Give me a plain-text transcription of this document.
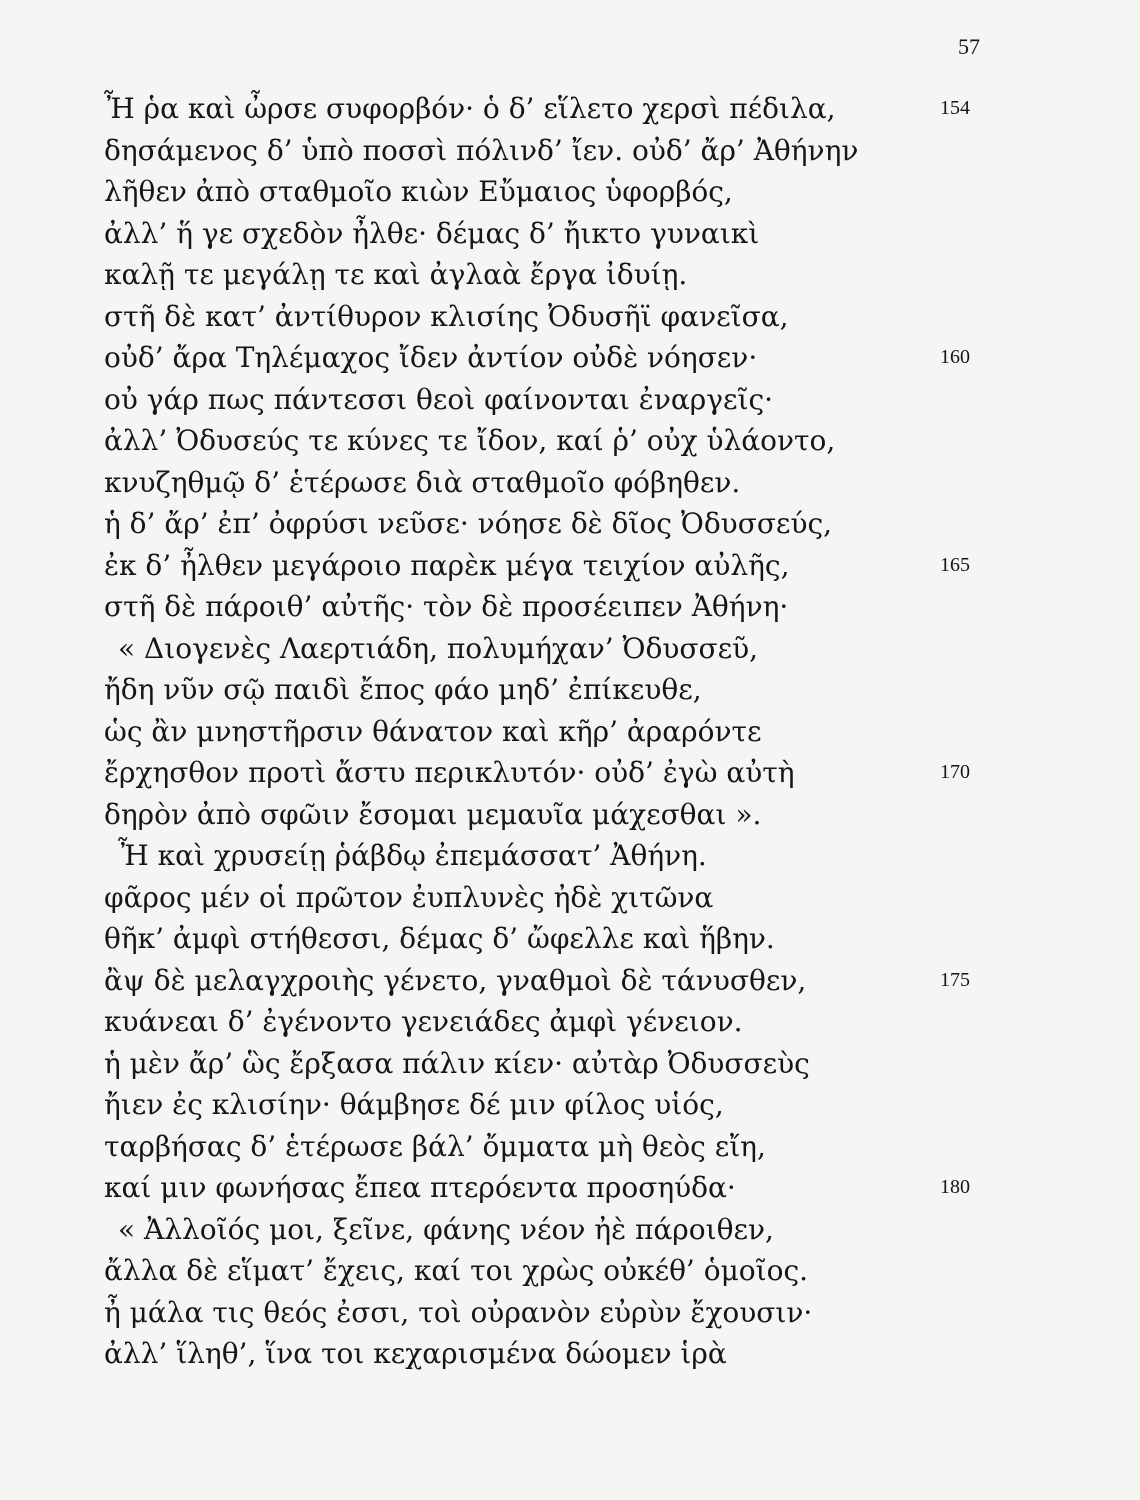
57
Ἦ ῥα καὶ ὦρσε συφορβόν· ὁ δ’ εἵλετο χερσὶ πέδιλα,	154
δησάμενος δ’ ὑπὸ ποσσὶ πόλινδ’ ἴεν. οὐδ’ ἄρ’ Ἀθήνην
λῆθεν ἀπὸ σταθμοῖο κιὼν Εὔμαιος ὑφορβός,
ἀλλ’ ἥ γε σχεδὸν ἦλθε· δέμας δ’ ἤικτο γυναικὶ
καλῇ τε μεγάλῃ τε καὶ ἀγλαὰ ἔργα ἰδυίῃ.
στῆ δὲ κατ’ ἀντίθυρον κλισίης Ὀδυσῆϊ φανεῖσα,
οὐδ’ ἄρα Τηλέμαχος ἴδεν ἀντίον οὐδὲ νόησεν·	160
οὐ γάρ πως πάντεσσι θεοὶ φαίνονται ἐναργεῖς·
ἀλλ’ Ὀδυσεύς τε κύνες τε ἴδον, καί ῥ’ οὐχ ὑλάοντο,
κνυζηθμῷ δ’ ἑτέρωσε διὰ σταθμοῖο φόβηθεν.
ἡ δ’ ἄρ’ ἐπ’ ὀφρύσι νεῦσε· νόησε δὲ δῖος Ὀδυσσεύς,
ἐκ δ’ ἦλθεν μεγάροιο παρὲκ μέγα τειχίον αὐλῆς,	165
στῆ δὲ πάροιθ’ αὐτῆς· τὸν δὲ προσέειπεν Ἀθήνη·
« Διογενὲς Λαερτιάδη, πολυμήχαν’ Ὀδυσσεῦ,
ἤδη νῦν σῷ παιδὶ ἔπος φάο μηδ’ ἐπίκευθε,
ὡς ἂν μνηστῆρσιν θάνατον καὶ κῆρ’ ἀραρόντε
ἔρχησθον προτὶ ἄστυ περικλυτόν· οὐδ’ ἐγὼ αὐτὴ	170
δηρὸν ἀπὸ σφῶιν ἔσομαι μεμαυῖα μάχεσθαι ».
Ἦ καὶ χρυσείῃ ῥάβδῳ ἐπεμάσσατ’ Ἀθήνη.
φᾶρος μέν οἱ πρῶτον ἐυπλυνὲς ἠδὲ χιτῶνα
θῆκ’ ἀμφὶ στήθεσσι, δέμας δ’ ὤφελλε καὶ ἥβην.
ἂψ δὲ μελαγχροιὴς γένετο, γναθμοὶ δὲ τάνυσθεν,	175
κυάνεαι δ’ ἐγένοντο γενειάδες ἀμφὶ γένειον.
ἡ μὲν ἄρ’ ὣς ἔρξασα πάλιν κίεν· αὐτὰρ Ὀδυσσεὺς
ἤιεν ἐς κλισίην· θάμβησε δέ μιν φίλος υἱός,
ταρβήσας δ’ ἑτέρωσε βάλ’ ὄμματα μὴ θεὸς εἴη,
καί μιν φωνήσας ἔπεα πτερόεντα προσηύδα·	180
« Ἀλλοῖός μοι, ξεῖνε, φάνης νέον ἠὲ πάροιθεν,
ἄλλα δὲ εἵματ’ ἔχεις, καί τοι χρὼς οὐκέθ’ ὁμοῖος.
ἦ μάλα τις θεός ἐσσι, τοὶ οὐρανὸν εὐρὺν ἔχουσιν·
ἀλλ’ ἵληθ’, ἵνα τοι κεχαρισμένα δώομεν ἱρὰ
